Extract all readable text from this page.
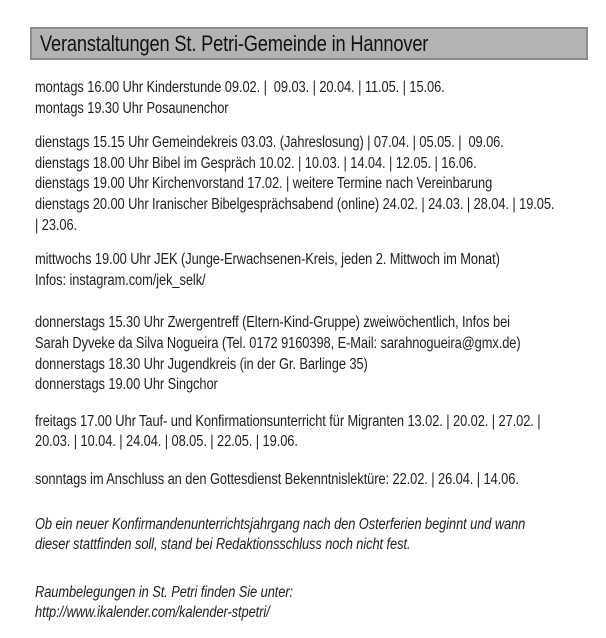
Veranstaltungen St. Petri-Gemeinde in Hannover
montags 16.00 Uhr Kinderstunde 09.02. |  09.03. | 20.04. | 11.05. | 15.06.
montags 19.30 Uhr Posaunenchor
dienstags 15.15 Uhr Gemeindekreis 03.03. (Jahreslosung) | 07.04. | 05.05. |  09.06.
dienstags 18.00 Uhr Bibel im Gespräch 10.02. | 10.03. | 14.04. | 12.05. | 16.06.
dienstags 19.00 Uhr Kirchenvorstand 17.02. | weitere Termine nach Vereinbarung
dienstags 20.00 Uhr Iranischer Bibelgesprächsabend (online) 24.02. | 24.03. | 28.04. | 19.05.
| 23.06.
mittwochs 19.00 Uhr JEK (Junge-Erwachsenen-Kreis, jeden 2. Mittwoch im Monat)
Infos: instagram.com/jek_selk/
donnerstags 15.30 Uhr Zwergentreff (Eltern-Kind-Gruppe) zweiwöchentlich, Infos bei
Sarah Dyveke da Silva Nogueira (Tel. 0172 9160398, E-Mail: sarahnogueira@gmx.de)
donnerstags 18.30 Uhr Jugendkreis (in der Gr. Barlinge 35)
donnerstags 19.00 Uhr Singchor
freitags 17.00 Uhr Tauf- und Konfirmationsunterricht für Migranten 13.02. | 20.02. | 27.02. |
20.03. | 10.04. | 24.04. | 08.05. | 22.05. | 19.06.
sonntags im Anschluss an den Gottesdienst Bekenntnislektüre: 22.02. | 26.04. | 14.06.
Ob ein neuer Konfirmandenunterrichtsjahrgang nach den Osterferien beginnt und wann
dieser stattfinden soll, stand bei Redaktionsschluss noch nicht fest.
Raumbelegungen in St. Petri finden Sie unter:
http://www.ikalender.com/kalender-stpetri/
